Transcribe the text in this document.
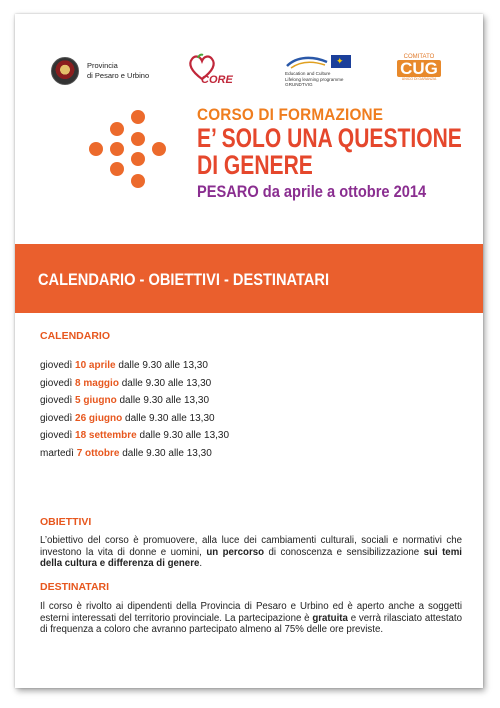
Provincia
di Pesaro e Urbino	CORE
✦
Education and Culture
Lifelong learning programme
GRUNDTVIG
COMITATO
CUG
UNICO DI GARANZIA
CORSO DI FORMAZIONE
E’ SOLO UNA QUESTIONE
DI GENERE
PESARO da aprile a ottobre 2014
CALENDARIO - OBIETTIVI - DESTINATARI
CALENDARIO
giovedì 10 aprile dalle 9.30 alle 13,30
giovedì 8 maggio dalle 9.30 alle 13,30
giovedì 5 giugno dalle 9.30 alle 13,30
giovedì 26 giugno dalle 9.30 alle 13,30
giovedì 18 settembre dalle 9.30 alle 13,30
martedì 7 ottobre dalle 9.30 alle 13,30
OBIETTIVI
L’obiettivo del corso è promuovere, alla luce dei cambiamenti culturali, sociali e normativi che investono la vita di donne e uomini, un percorso di conoscenza e sensibilizzazione sui temi della cultura e differenza di genere.
DESTINATARI
Il corso è rivolto ai dipendenti della Provincia di Pesaro e Urbino ed è aperto anche a soggetti esterni interessati del territorio provinciale. La partecipazione è gratuita e verrà rilasciato attestato di frequenza a coloro che avranno partecipato almeno al 75% delle ore previste.
